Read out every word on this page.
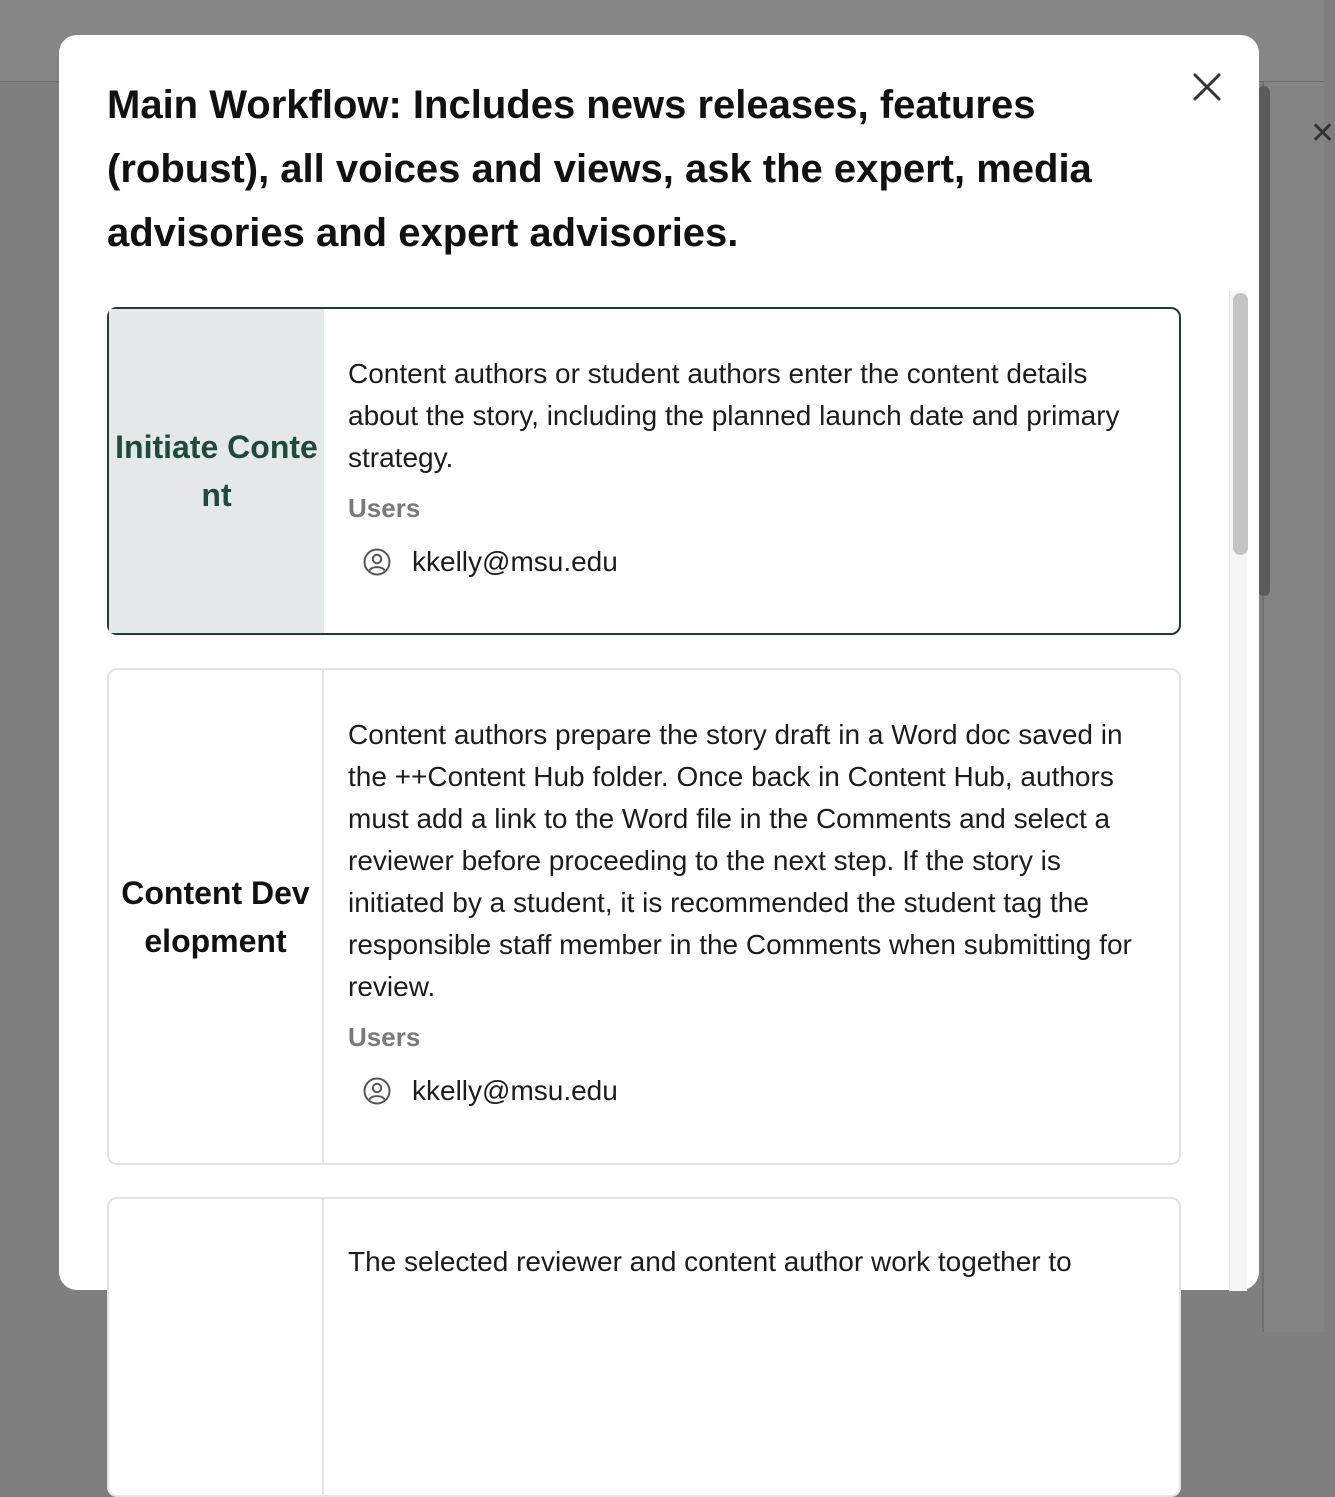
✕
Main Workflow: Includes news releases, features (robust), all voices and views, ask the expert, media advisories and expert advisories.
Initiate Content

Content authors or student authors enter the content details about the story, including the planned launch date and primary strategy.

Users
kkelly@msu.edu
Content Development

Content authors prepare the story draft in a Word doc saved in the ++Content Hub folder. Once back in Content Hub, authors must add a link to the Word file in the Comments and select a reviewer before proceeding to the next step. If the story is initiated by a student, it is recommended the student tag the responsible staff member in the Comments when submitting for review.

Users
kkelly@msu.edu

The selected reviewer and content author work together to
